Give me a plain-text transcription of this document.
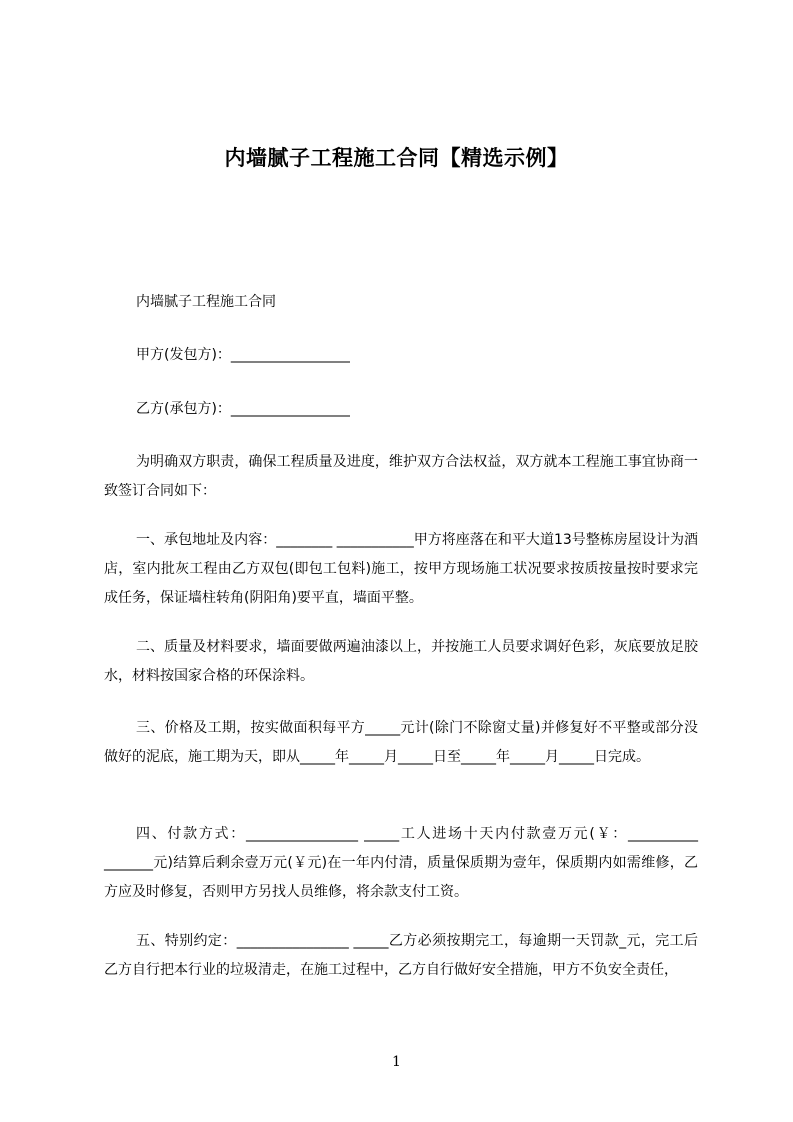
内墙腻子工程施工合同【精选示例】

内墙腻子工程施工合同

甲方(发包方)：_________________

乙方(承包方)：_________________

为明确双方职责，确保工程质量及进度，维护双方合法权益，双方就本工程施工事宜协商一致签订合同如下：

一、承包地址及内容：________ ___________甲方将座落在和平大道13号整栋房屋设计为酒店，室内批灰工程由乙方双包(即包工包料)施工，按甲方现场施工状况要求按质按量按时要求完成任务，保证墙柱转角(阴阳角)要平直，墙面平整。

二、质量及材料要求，墙面要做两遍油漆以上，并按施工人员要求调好色彩，灰底要放足胶水，材料按国家合格的环保涂料。

三、价格及工期，按实做面积每平方_____元计(除门不除窗丈量)并修复好不平整或部分没做好的泥底，施工期为天，即从_____年_____月_____日至_____年_____月_____日完成。

四、付款方式：________________ _____工人进场十天内付款壹万元(￥：__________ _______元)结算后剩余壹万元(￥元)在一年内付清，质量保质期为壹年，保质期内如需维修，乙方应及时修复，否则甲方另找人员维修，将余款支付工资。

五、特别约定：________________ _____乙方必须按期完工，每逾期一天罚款_元，完工后乙方自行把本行业的垃圾清走，在施工过程中，乙方自行做好安全措施，甲方不负安全责任，

1
